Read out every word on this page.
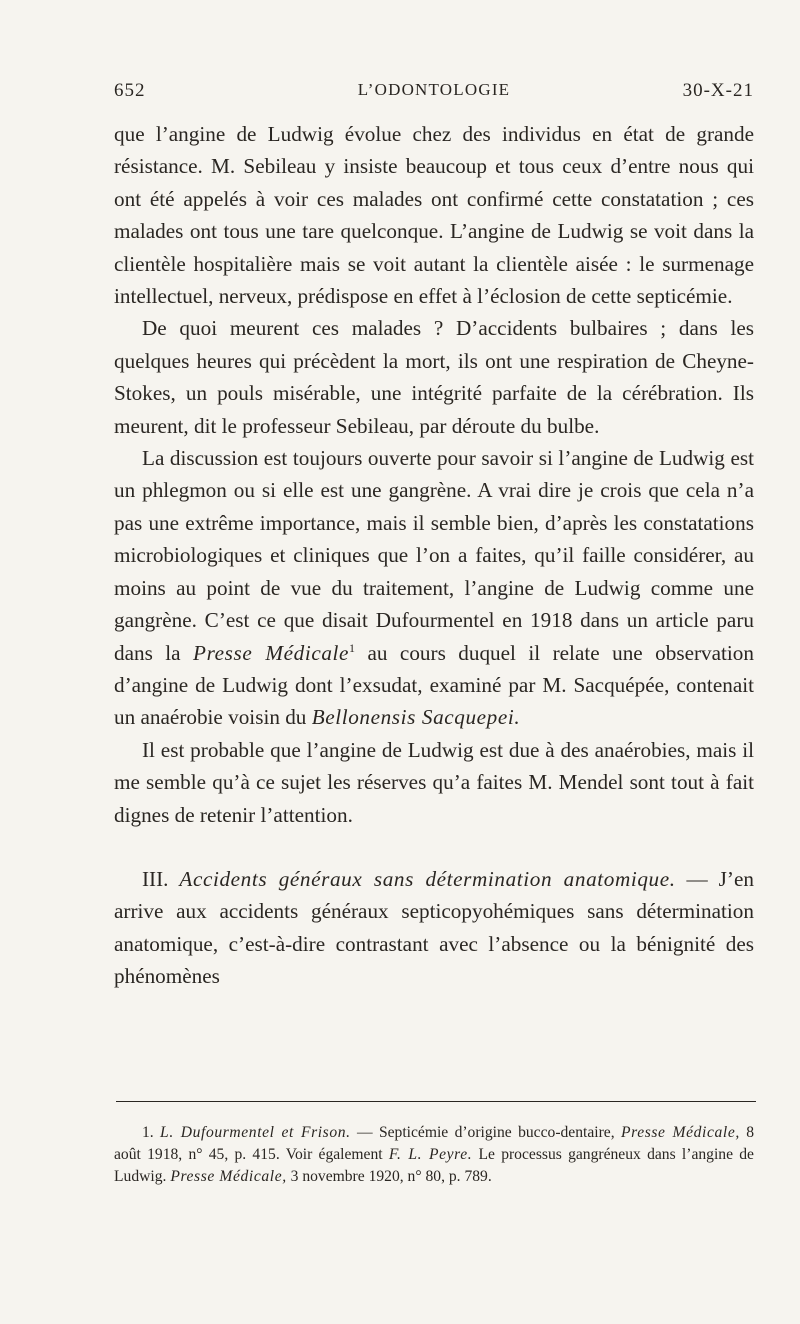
652	L’ODONTOLOGIE	30-X-21

que l’angine de Ludwig évolue chez des individus en état de grande résistance. M. Sebileau y insiste beaucoup et tous ceux d’entre nous qui ont été appelés à voir ces malades ont confirmé cette constatation ; ces malades ont tous une tare quelconque. L’angine de Ludwig se voit dans la clientèle hospitalière mais se voit autant la clientèle aisée : le surmenage intellectuel, nerveux, prédispose en effet à l’éclosion de cette septicémie.

De quoi meurent ces malades ? D’accidents bulbaires ; dans les quelques heures qui précèdent la mort, ils ont une respiration de Cheyne-Stokes, un pouls misérable, une intégrité parfaite de la cérébration. Ils meurent, dit le professeur Sebileau, par déroute du bulbe.

La discussion est toujours ouverte pour savoir si l’angine de Ludwig est un phlegmon ou si elle est une gangrène. A vrai dire je crois que cela n’a pas une extrême importance, mais il semble bien, d’après les constatations microbiologiques et cliniques que l’on a faites, qu’il faille considérer, au moins au point de vue du traitement, l’angine de Ludwig comme une gangrène. C’est ce que disait Dufourmentel en 1918 dans un article paru dans la Presse Médicale$^1$ au cours duquel il relate une observation d’angine de Ludwig dont l’exsudat, examiné par M. Sacquépée, contenait un anaérobie voisin du Bellonensis Sacquepei.

Il est probable que l’angine de Ludwig est due à des anaérobies, mais il me semble qu’à ce sujet les réserves qu’a faites M. Mendel sont tout à fait dignes de retenir l’attention.

III. Accidents généraux sans détermination anatomique. — J’en arrive aux accidents généraux septicopyohémiques sans détermination anatomique, c’est-à-dire contrastant avec l’absence ou la bénignité des phénomènes

1. L. Dufourmentel et Frison. — Septicémie d’origine bucco-dentaire, Presse Médicale, 8 août 1918, n° 45, p. 415. Voir également F. L. Peyre. Le processus gangréneux dans l’angine de Ludwig. Presse Médicale, 3 novembre 1920, n° 80, p. 789.
